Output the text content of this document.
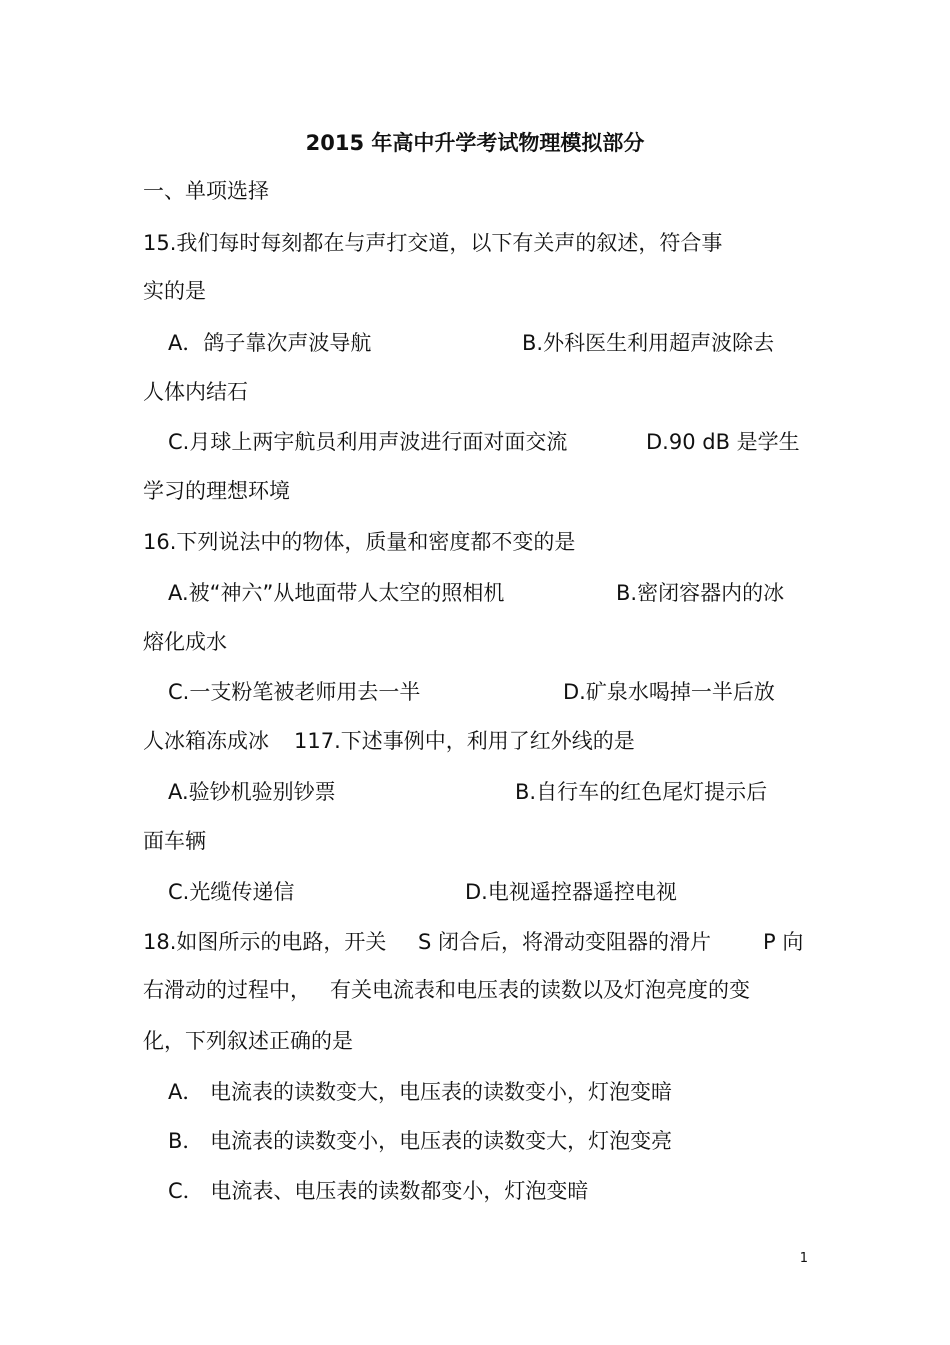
2015 年高中升学考试物理模拟部分
一、单项选择
15.我们每时每刻都在与声打交道，以下有关声的叙述，符合事
实的是
A．鸽子靠次声波导航	B.外科医生利用超声波除去
人体内结石
C.月球上两宇航员利用声波进行面对面交流	D.90 dB 是学生
学习的理想环境
16.下列说法中的物体，质量和密度都不变的是
A.被“神六”从地面带人太空的照相机	B.密闭容器内的冰
熔化成水
C.一支粉笔被老师用去一半	D.矿泉水喝掉一半后放
人冰箱冻成冰 117.下述事例中，利用了红外线的是
A.验钞机验别钞票	B.自行车的红色尾灯提示后
面车辆
C.光缆传递信	D.电视遥控器遥控电视
18.如图所示的电路，开关 S 闭合后，将滑动变阻器的滑片 P 向
右滑动的过程中， 有关电流表和电压表的读数以及灯泡亮度的变
化，下列叙述正确的是
A． 电流表的读数变大，电压表的读数变小，灯泡变暗
B． 电流表的读数变小，电压表的读数变大，灯泡变亮
C． 电流表、电压表的读数都变小，灯泡变暗
1
